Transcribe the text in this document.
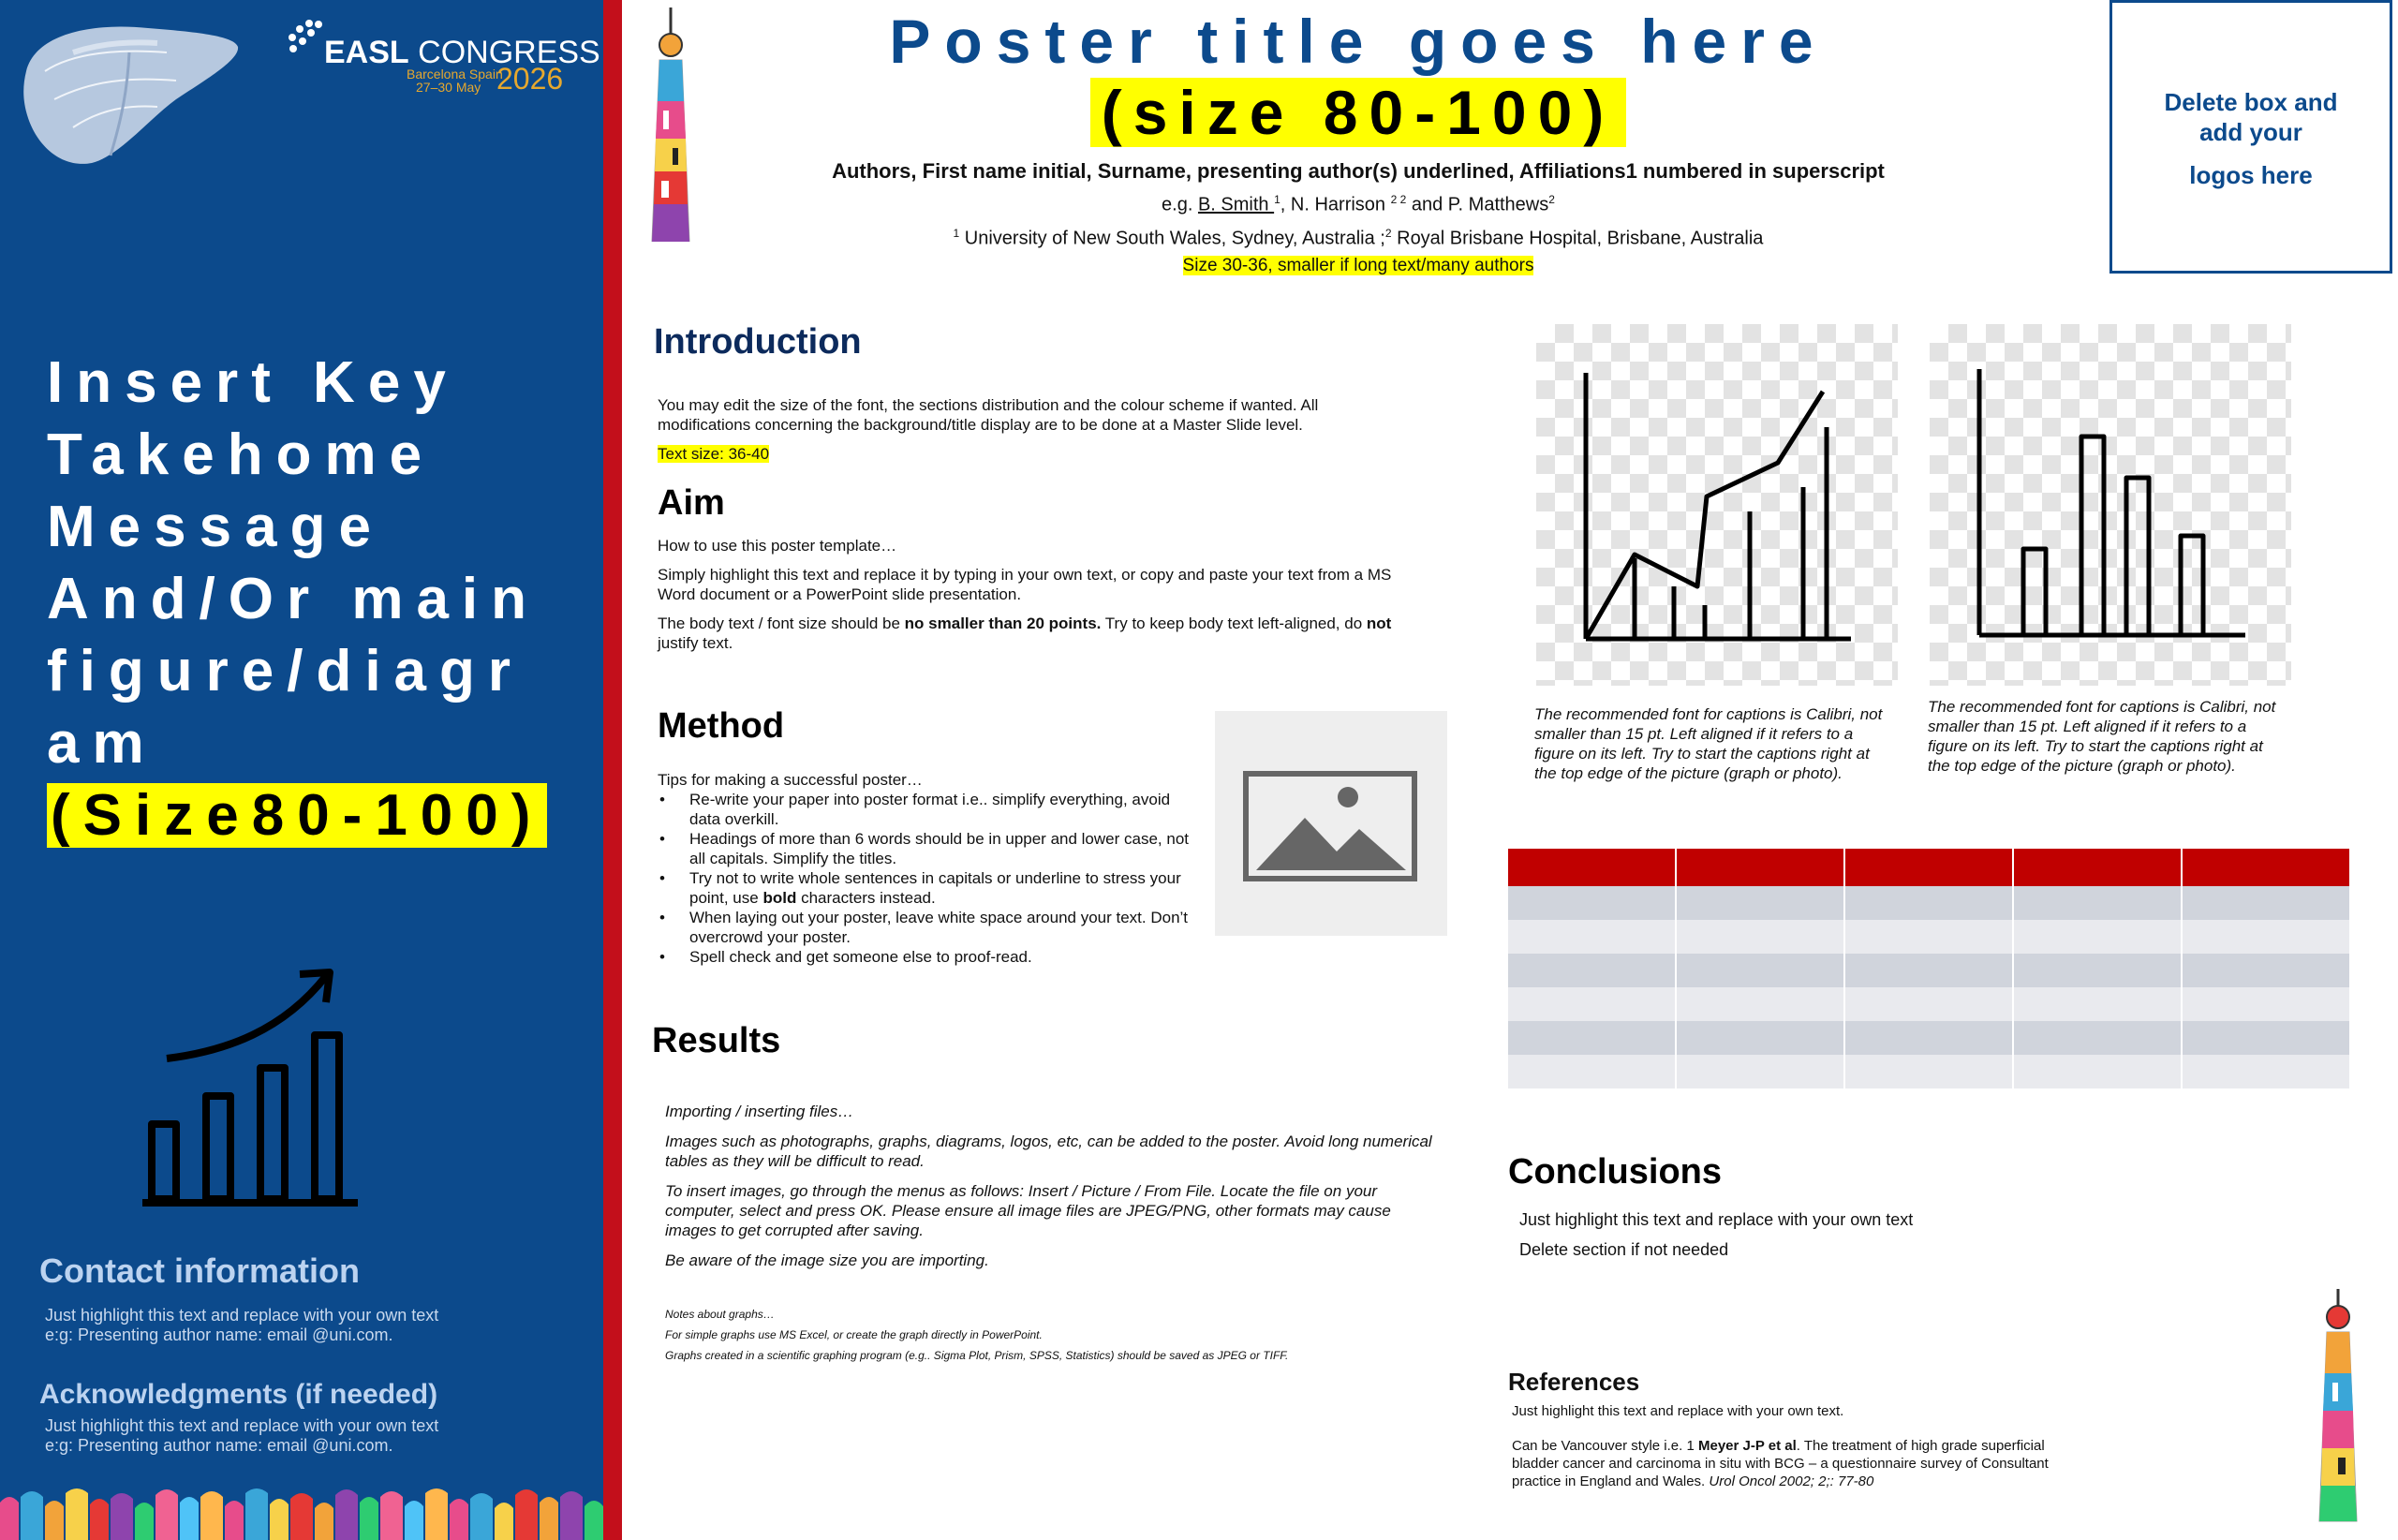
EASL CONGRESS
Barcelona Spain
27–30 May 2026
Insert Key
Takehome
Message
And/Or main
figure/diagr
am
(Size80-100)
Contact information
Just highlight this text and replace with your own text
e:g: Presenting author name: email @uni.com.
Acknowledgments (if needed)
Just highlight this text and replace with your own text
e:g: Presenting author name: email @uni.com.
Poster title goes here
(size 80-100)
Authors, First name initial, Surname, presenting author(s) underlined, Affiliations1 numbered in superscript
e.g. B. Smith $^1$, N. Harrison $^{2 2}$ and P. Matthews$^2$
$^1$ University of New South Wales, Sydney, Australia ;$^2$ Royal Brisbane Hospital, Brisbane, Australia
Size 30-36, smaller if long text/many authors
Delete box and
add your
logos here
Introduction
You may edit the size of the font, the sections distribution and the colour scheme if wanted. All modifications concerning the background/title display are to be done at a Master Slide level.
Text size: 36-40
Aim
How to use this poster template…
Simply highlight this text and replace it by typing in your own text, or copy and paste your text from a MS Word document or a PowerPoint slide presentation.
The body text / font size should be no smaller than 20 points. Try to keep body text left-aligned, do not justify text.
Method
Tips for making a successful poster…
• Re-write your paper into poster format i.e.. simplify everything, avoid data overkill.
• Headings of more than 6 words should be in upper and lower case, not all capitals. Simplify the titles.
• Try not to write whole sentences in capitals or underline to stress your point, use bold characters instead.
• When laying out your poster, leave white space around your text. Don’t overcrowd your poster.
• Spell check and get someone else to proof-read.
Results
Importing / inserting files…
Images such as photographs, graphs, diagrams, logos, etc, can be added to the poster. Avoid long numerical tables as they will be difficult to read.
To insert images, go through the menus as follows: Insert / Picture / From File. Locate the file on your computer, select and press OK. Please ensure all image files are JPEG/PNG, other formats may cause images to get corrupted after saving.
Be aware of the image size you are importing.
Notes about graphs…
For simple graphs use MS Excel, or create the graph directly in PowerPoint.
Graphs created in a scientific graphing program (e.g.. Sigma Plot, Prism, SPSS, Statistics) should be saved as JPEG or TIFF.
The recommended font for captions is Calibri, not smaller than 15 pt. Left aligned if it refers to a figure on its left. Try to start the captions right at the top edge of the picture (graph or photo).
The recommended font for captions is Calibri, not smaller than 15 pt. Left aligned if it refers to a figure on its left. Try to start the captions right at the top edge of the picture (graph or photo).

Conclusions
Just highlight this text and replace with your own text
Delete section if not needed
References
Just highlight this text and replace with your own text.
Can be Vancouver style i.e. 1 Meyer J-P et al. The treatment of high grade superficial bladder cancer and carcinoma in situ with BCG – a questionnaire survey of Consultant practice in England and Wales. Urol Oncol 2002; 2;: 77-80
